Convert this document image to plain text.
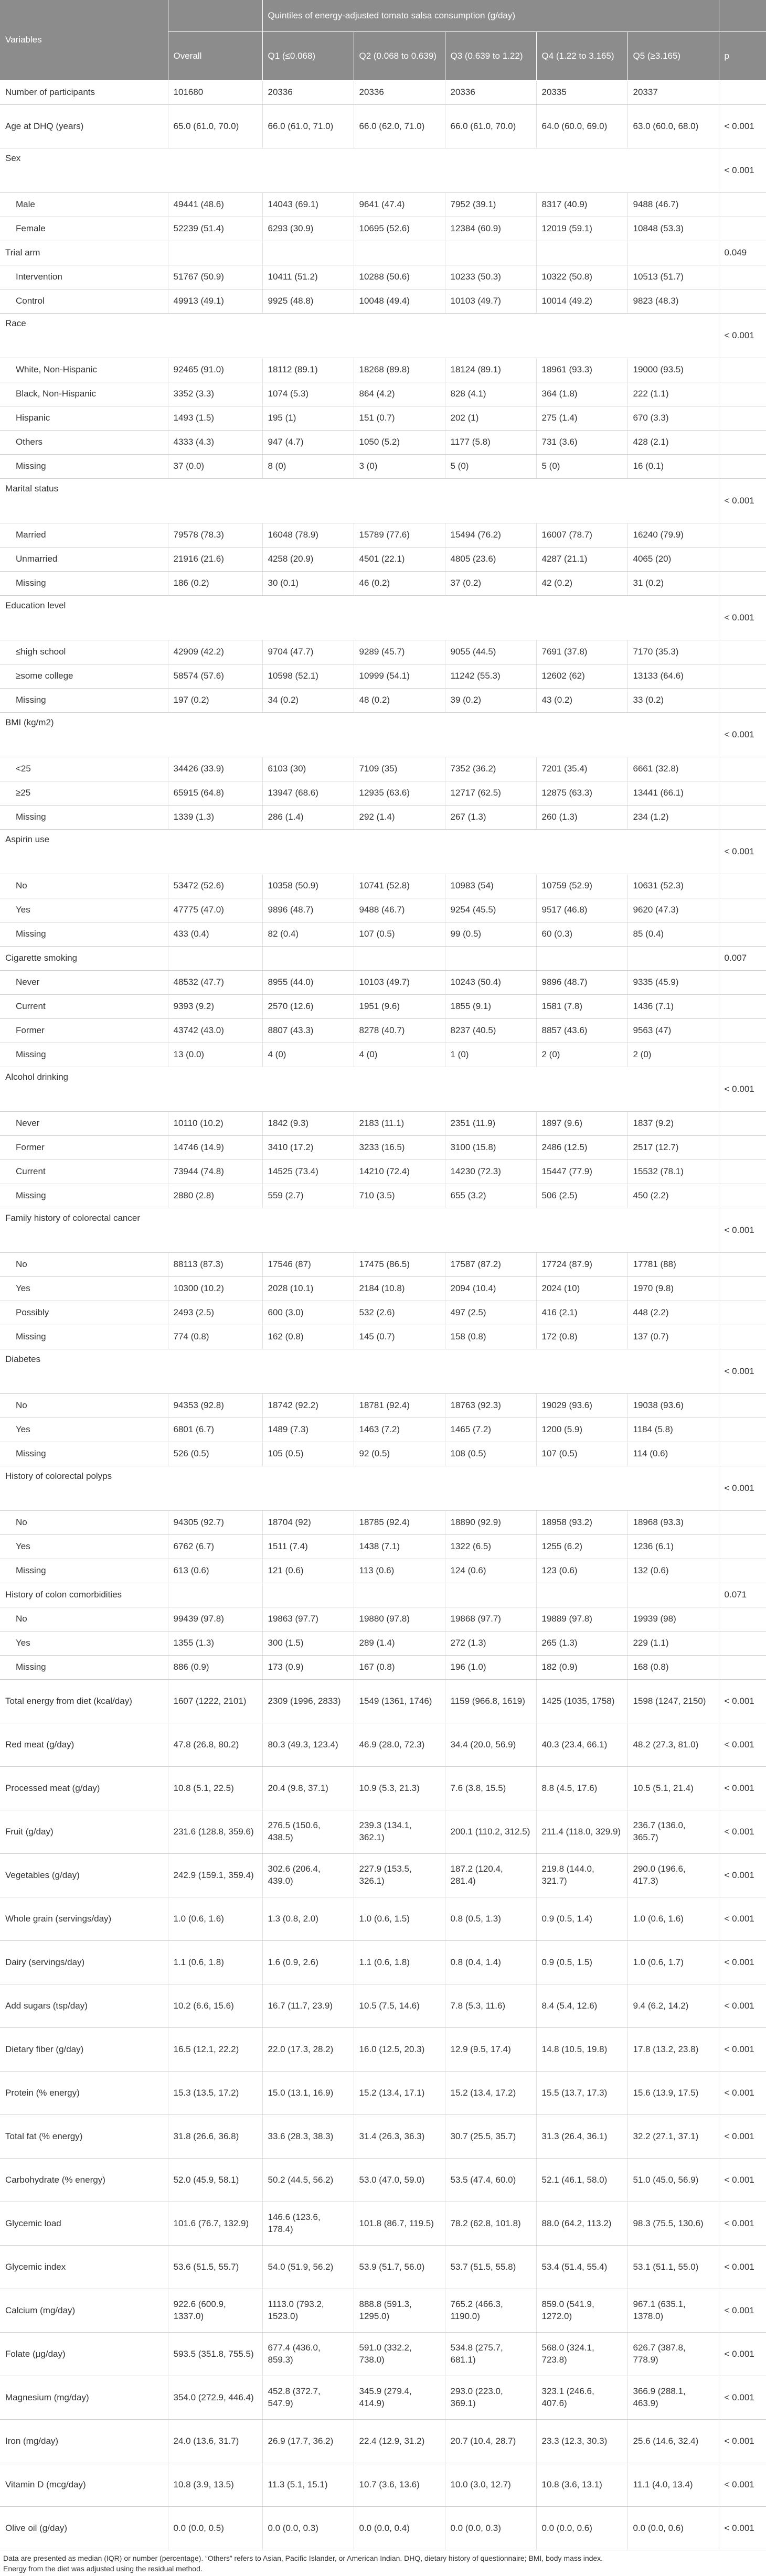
Variables		Quintiles of energy-adjusted tomato salsa consumption (g/day)					
	Overall	Q1 (≤0.068)	Q2 (0.068 to 0.639)	Q3 (0.639 to 1.22)	Q4 (1.22 to 3.165)	Q5 (≥3.165)	p
Number of participants	101680	20336	20336	20336	20335	20337	
Age at DHQ (years)	65.0 (61.0, 70.0)	66.0 (61.0, 71.0)	66.0 (62.0, 71.0)	66.0 (61.0, 70.0)	64.0 (60.0, 69.0)	63.0 (60.0, 68.0)	< 0.001
Sex							< 0.001
Male	49441 (48.6)	14043 (69.1)	9641 (47.4)	7952 (39.1)	8317 (40.9)	9488 (46.7)	
Female	52239 (51.4)	6293 (30.9)	10695 (52.6)	12384 (60.9)	12019 (59.1)	10848 (53.3)	
Trial arm							0.049
Intervention	51767 (50.9)	10411 (51.2)	10288 (50.6)	10233 (50.3)	10322 (50.8)	10513 (51.7)	
Control	49913 (49.1)	9925 (48.8)	10048 (49.4)	10103 (49.7)	10014 (49.2)	9823 (48.3)	
Race							< 0.001
White, Non-Hispanic	92465 (91.0)	18112 (89.1)	18268 (89.8)	18124 (89.1)	18961 (93.3)	19000 (93.5)	
Black, Non-Hispanic	3352 (3.3)	1074 (5.3)	864 (4.2)	828 (4.1)	364 (1.8)	222 (1.1)	
Hispanic	1493 (1.5)	195 (1)	151 (0.7)	202 (1)	275 (1.4)	670 (3.3)	
Others	4333 (4.3)	947 (4.7)	1050 (5.2)	1177 (5.8)	731 (3.6)	428 (2.1)	
Missing	37 (0.0)	8 (0)	3 (0)	5 (0)	5 (0)	16 (0.1)	
Marital status							< 0.001
Married	79578 (78.3)	16048 (78.9)	15789 (77.6)	15494 (76.2)	16007 (78.7)	16240 (79.9)	
Unmarried	21916 (21.6)	4258 (20.9)	4501 (22.1)	4805 (23.6)	4287 (21.1)	4065 (20)	
Missing	186 (0.2)	30 (0.1)	46 (0.2)	37 (0.2)	42 (0.2)	31 (0.2)	
Education level							< 0.001
≤high school	42909 (42.2)	9704 (47.7)	9289 (45.7)	9055 (44.5)	7691 (37.8)	7170 (35.3)	
≥some college	58574 (57.6)	10598 (52.1)	10999 (54.1)	11242 (55.3)	12602 (62)	13133 (64.6)	
Missing	197 (0.2)	34 (0.2)	48 (0.2)	39 (0.2)	43 (0.2)	33 (0.2)	
BMI (kg/m2)							< 0.001
<25	34426 (33.9)	6103 (30)	7109 (35)	7352 (36.2)	7201 (35.4)	6661 (32.8)	
≥25	65915 (64.8)	13947 (68.6)	12935 (63.6)	12717 (62.5)	12875 (63.3)	13441 (66.1)	
Missing	1339 (1.3)	286 (1.4)	292 (1.4)	267 (1.3)	260 (1.3)	234 (1.2)	
Aspirin use							< 0.001
No	53472 (52.6)	10358 (50.9)	10741 (52.8)	10983 (54)	10759 (52.9)	10631 (52.3)	
Yes	47775 (47.0)	9896 (48.7)	9488 (46.7)	9254 (45.5)	9517 (46.8)	9620 (47.3)	
Missing	433 (0.4)	82 (0.4)	107 (0.5)	99 (0.5)	60 (0.3)	85 (0.4)	
Cigarette smoking							0.007
Never	48532 (47.7)	8955 (44.0)	10103 (49.7)	10243 (50.4)	9896 (48.7)	9335 (45.9)	
Current	9393 (9.2)	2570 (12.6)	1951 (9.6)	1855 (9.1)	1581 (7.8)	1436 (7.1)	
Former	43742 (43.0)	8807 (43.3)	8278 (40.7)	8237 (40.5)	8857 (43.6)	9563 (47)	
Missing	13 (0.0)	4 (0)	4 (0)	1 (0)	2 (0)	2 (0)	
Alcohol drinking							< 0.001
Never	10110 (10.2)	1842 (9.3)	2183 (11.1)	2351 (11.9)	1897 (9.6)	1837 (9.2)	
Former	14746 (14.9)	3410 (17.2)	3233 (16.5)	3100 (15.8)	2486 (12.5)	2517 (12.7)	
Current	73944 (74.8)	14525 (73.4)	14210 (72.4)	14230 (72.3)	15447 (77.9)	15532 (78.1)	
Missing	2880 (2.8)	559 (2.7)	710 (3.5)	655 (3.2)	506 (2.5)	450 (2.2)	
Family history of colorectal cancer							< 0.001
No	88113 (87.3)	17546 (87)	17475 (86.5)	17587 (87.2)	17724 (87.9)	17781 (88)	
Yes	10300 (10.2)	2028 (10.1)	2184 (10.8)	2094 (10.4)	2024 (10)	1970 (9.8)	
Possibly	2493 (2.5)	600 (3.0)	532 (2.6)	497 (2.5)	416 (2.1)	448 (2.2)	
Missing	774 (0.8)	162 (0.8)	145 (0.7)	158 (0.8)	172 (0.8)	137 (0.7)	
Diabetes							< 0.001
No	94353 (92.8)	18742 (92.2)	18781 (92.4)	18763 (92.3)	19029 (93.6)	19038 (93.6)	
Yes	6801 (6.7)	1489 (7.3)	1463 (7.2)	1465 (7.2)	1200 (5.9)	1184 (5.8)	
Missing	526 (0.5)	105 (0.5)	92 (0.5)	108 (0.5)	107 (0.5)	114 (0.6)	
History of colorectal polyps							< 0.001
No	94305 (92.7)	18704 (92)	18785 (92.4)	18890 (92.9)	18958 (93.2)	18968 (93.3)	
Yes	6762 (6.7)	1511 (7.4)	1438 (7.1)	1322 (6.5)	1255 (6.2)	1236 (6.1)	
Missing	613 (0.6)	121 (0.6)	113 (0.6)	124 (0.6)	123 (0.6)	132 (0.6)	
History of colon comorbidities							0.071
No	99439 (97.8)	19863 (97.7)	19880 (97.8)	19868 (97.7)	19889 (97.8)	19939 (98)	
Yes	1355 (1.3)	300 (1.5)	289 (1.4)	272 (1.3)	265 (1.3)	229 (1.1)	
Missing	886 (0.9)	173 (0.9)	167 (0.8)	196 (1.0)	182 (0.9)	168 (0.8)	
Total energy from diet (kcal/day)	1607 (1222, 2101)	2309 (1996, 2833)	1549 (1361, 1746)	1159 (966.8, 1619)	1425 (1035, 1758)	1598 (1247, 2150)	< 0.001
Red meat (g/day)	47.8 (26.8, 80.2)	80.3 (49.3, 123.4)	46.9 (28.0, 72.3)	34.4 (20.0, 56.9)	40.3 (23.4, 66.1)	48.2 (27.3, 81.0)	< 0.001
Processed meat (g/day)	10.8 (5.1, 22.5)	20.4 (9.8, 37.1)	10.9 (5.3, 21.3)	7.6 (3.8, 15.5)	8.8 (4.5, 17.6)	10.5 (5.1, 21.4)	< 0.001
Fruit (g/day)	231.6 (128.8, 359.6)	276.5 (150.6, 438.5)	239.3 (134.1, 362.1)	200.1 (110.2, 312.5)	211.4 (118.0, 329.9)	236.7 (136.0, 365.7)	< 0.001
Vegetables (g/day)	242.9 (159.1, 359.4)	302.6 (206.4, 439.0)	227.9 (153.5, 326.1)	187.2 (120.4, 281.4)	219.8 (144.0, 321.7)	290.0 (196.6, 417.3)	< 0.001
Whole grain (servings/day)	1.0 (0.6, 1.6)	1.3 (0.8, 2.0)	1.0 (0.6, 1.5)	0.8 (0.5, 1.3)	0.9 (0.5, 1.4)	1.0 (0.6, 1.6)	< 0.001
Dairy (servings/day)	1.1 (0.6, 1.8)	1.6 (0.9, 2.6)	1.1 (0.6, 1.8)	0.8 (0.4, 1.4)	0.9 (0.5, 1.5)	1.0 (0.6, 1.7)	< 0.001
Add sugars (tsp/day)	10.2 (6.6, 15.6)	16.7 (11.7, 23.9)	10.5 (7.5, 14.6)	7.8 (5.3, 11.6)	8.4 (5.4, 12.6)	9.4 (6.2, 14.2)	< 0.001
Dietary fiber (g/day)	16.5 (12.1, 22.2)	22.0 (17.3, 28.2)	16.0 (12.5, 20.3)	12.9 (9.5, 17.4)	14.8 (10.5, 19.8)	17.8 (13.2, 23.8)	< 0.001
Protein (% energy)	15.3 (13.5, 17.2)	15.0 (13.1, 16.9)	15.2 (13.4, 17.1)	15.2 (13.4, 17.2)	15.5 (13.7, 17.3)	15.6 (13.9, 17.5)	< 0.001
Total fat (% energy)	31.8 (26.6, 36.8)	33.6 (28.3, 38.3)	31.4 (26.3, 36.3)	30.7 (25.5, 35.7)	31.3 (26.4, 36.1)	32.2 (27.1, 37.1)	< 0.001
Carbohydrate (% energy)	52.0 (45.9, 58.1)	50.2 (44.5, 56.2)	53.0 (47.0, 59.0)	53.5 (47.4, 60.0)	52.1 (46.1, 58.0)	51.0 (45.0, 56.9)	< 0.001
Glycemic load	101.6 (76.7, 132.9)	146.6 (123.6, 178.4)	101.8 (86.7, 119.5)	78.2 (62.8, 101.8)	88.0 (64.2, 113.2)	98.3 (75.5, 130.6)	< 0.001
Glycemic index	53.6 (51.5, 55.7)	54.0 (51.9, 56.2)	53.9 (51.7, 56.0)	53.7 (51.5, 55.8)	53.4 (51.4, 55.4)	53.1 (51.1, 55.0)	< 0.001
Calcium (mg/day)	922.6 (600.9, 1337.0)	1113.0 (793.2, 1523.0)	888.8 (591.3, 1295.0)	765.2 (466.3, 1190.0)	859.0 (541.9, 1272.0)	967.1 (635.1, 1378.0)	< 0.001
Folate (μg/day)	593.5 (351.8, 755.5)	677.4 (436.0, 859.3)	591.0 (332.2, 738.0)	534.8 (275.7, 681.1)	568.0 (324.1, 723.8)	626.7 (387.8, 778.9)	< 0.001
Magnesium (mg/day)	354.0 (272.9, 446.4)	452.8 (372.7, 547.9)	345.9 (279.4, 414.9)	293.0 (223.0, 369.1)	323.1 (246.6, 407.6)	366.9 (288.1, 463.9)	< 0.001
Iron (mg/day)	24.0 (13.6, 31.7)	26.9 (17.7, 36.2)	22.4 (12.9, 31.2)	20.7 (10.4, 28.7)	23.3 (12.3, 30.3)	25.6 (14.6, 32.4)	< 0.001
Vitamin D (mcg/day)	10.8 (3.9, 13.5)	11.3 (5.1, 15.1)	10.7 (3.6, 13.6)	10.0 (3.0, 12.7)	10.8 (3.6, 13.1)	11.1 (4.0, 13.4)	< 0.001
Olive oil (g/day)	0.0 (0.0, 0.5)	0.0 (0.0, 0.3)	0.0 (0.0, 0.4)	0.0 (0.0, 0.3)	0.0 (0.0, 0.6)	0.0 (0.0, 0.6)	< 0.001
Data are presented as median (IQR) or number (percentage). “Others” refers to Asian, Pacific Islander, or American Indian. DHQ, dietary history of questionnaire; BMI, body mass index.
Energy from the diet was adjusted using the residual method.
